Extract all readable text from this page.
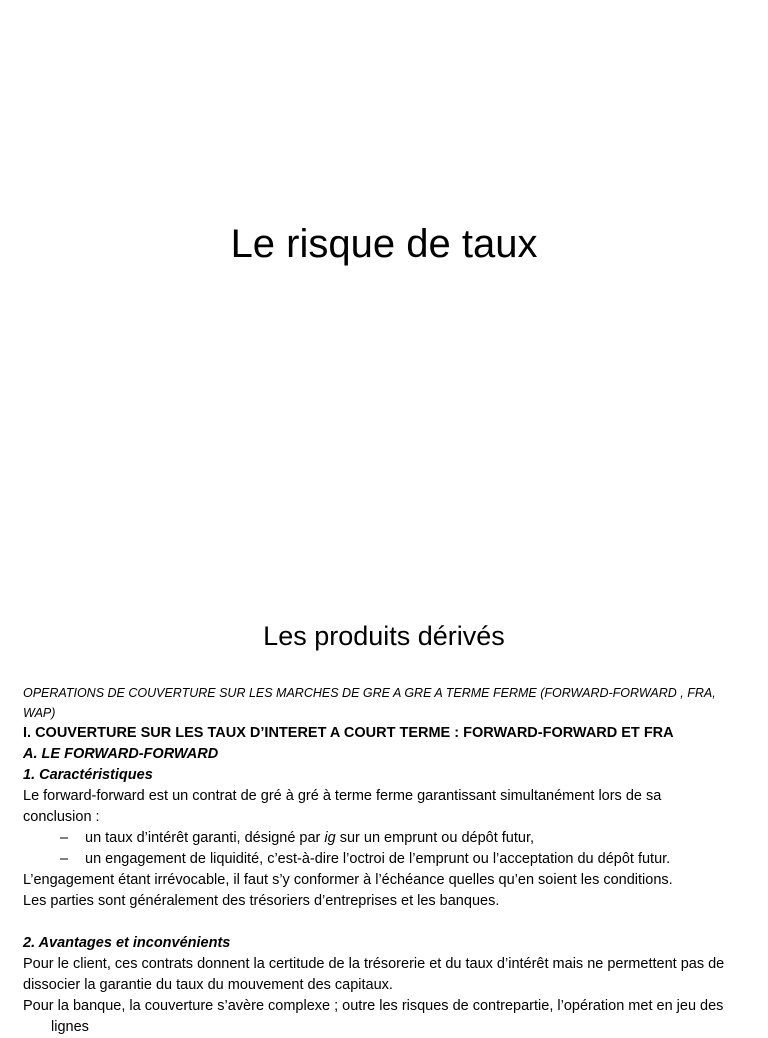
Le risque de taux
Les produits dérivés

OPERATIONS DE COUVERTURE SUR LES MARCHES DE GRE A GRE A TERME FERME (FORWARD-FORWARD , FRA, WAP)

I. COUVERTURE SUR LES TAUX D’INTERET A COURT TERME : FORWARD-FORWARD ET FRA

A. LE FORWARD-FORWARD

1. Caractéristiques

Le forward-forward est un contrat de gré à gré à terme ferme garantissant simultanément lors de sa conclusion :

–	un taux d’intérêt garanti, désigné par ig sur un emprunt ou dépôt futur,
–	un engagement de liquidité, c’est-à-dire l’octroi de l’emprunt ou l’acceptation du dépôt futur.

L’engagement étant irrévocable, il faut s’y conformer à l’échéance quelles qu’en soient les conditions.

Les parties sont généralement des trésoriers d’entreprises et les banques.

2. Avantages et inconvénients

Pour le client, ces contrats donnent la certitude de la trésorerie et du taux d’intérêt mais ne permettent pas de

dissocier la garantie du taux du mouvement des capitaux.

Pour la banque, la couverture s’avère complexe ; outre les risques de contrepartie, l’opération met en jeu des lignes
